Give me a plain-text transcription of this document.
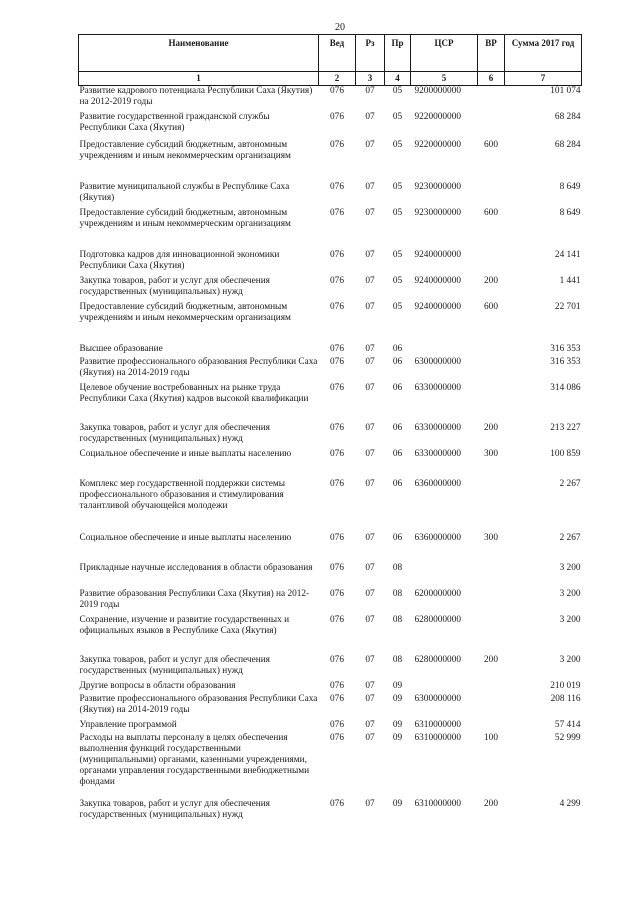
20
Наименование	Вед	Рз	Пр	ЦСР	ВР	Сумма 2017 год
1	2	3	4	5	6	7
Развитие кадрового потенциала Республики Саха (Якутия) на 2012-2019 годы	076	07	05	9200000000		101 074
Развитие государственной гражданской службы Республики Саха (Якутия)	076	07	05	9220000000		68 284
Предоставление субсидий бюджетным, автономным учреждениям и иным некоммерческим организациям	076	07	05	9220000000	600	68 284
Развитие муниципальной службы в Республике Саха (Якутия)	076	07	05	9230000000		8 649
Предоставление субсидий бюджетным, автономным учреждениям и иным некоммерческим организациям	076	07	05	9230000000	600	8 649
Подготовка кадров для инновационной экономики Республики Саха (Якутия)	076	07	05	9240000000		24 141
Закупка товаров, работ и услуг для обеспечения государственных (муниципальных) нужд	076	07	05	9240000000	200	1 441
Предоставление субсидий бюджетным, автономным учреждениям и иным некоммерческим организациям	076	07	05	9240000000	600	22 701
Высшее образование	076	07	06			316 353
Развитие профессионального образования Республики Саха (Якутия) на 2014-2019 годы	076	07	06	6300000000		316 353
Целевое обучение востребованных на рынке труда Республики Саха (Якутия) кадров высокой квалификации	076	07	06	6330000000		314 086
Закупка товаров, работ и услуг для обеспечения государственных (муниципальных) нужд	076	07	06	6330000000	200	213 227
Социальное обеспечение и иные выплаты населению	076	07	06	6330000000	300	100 859
Комплекс мер государственной поддержки системы профессионального образования и стимулирования талантливой обучающейся молодежи	076	07	06	6360000000		2 267
Социальное обеспечение и иные выплаты населению	076	07	06	6360000000	300	2 267
Прикладные научные исследования в области образования	076	07	08			3 200
Развитие образования Республики Саха (Якутия) на 2012-2019 годы	076	07	08	6200000000		3 200
Сохранение, изучение и развитие государственных и официальных языков в Республике Саха (Якутия)	076	07	08	6280000000		3 200
Закупка товаров, работ и услуг для обеспечения государственных (муниципальных) нужд	076	07	08	6280000000	200	3 200
Другие вопросы в области образования	076	07	09			210 019
Развитие профессионального образования Республики Саха (Якутия) на 2014-2019 годы	076	07	09	6300000000		208 116
Управление программой	076	07	09	6310000000		57 414
Расходы на выплаты персоналу в целях обеспечения выполнения функций государственными (муниципальными) органами, казенными учреждениями, органами управления государственными внебюджетными фондами	076	07	09	6310000000	100	52 999
Закупка товаров, работ и услуг для обеспечения государственных (муниципальных) нужд	076	07	09	6310000000	200	4 299
